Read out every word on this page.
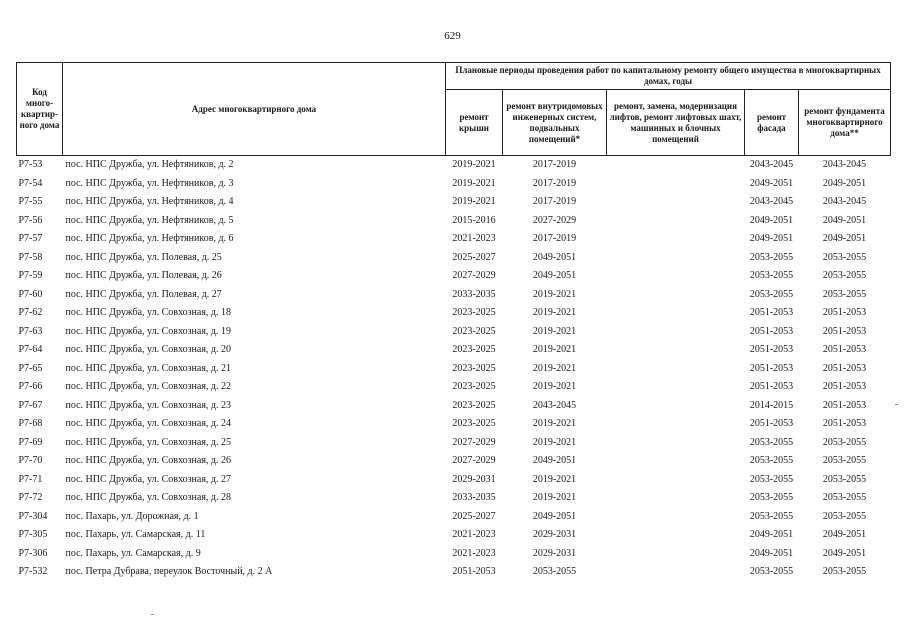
629
Код много-квартир-ного дома	Адрес многоквартирного дома	Плановые периоды проведения работ по капитальному ремонту общего имущества в многоквартирных домах, годы				
		ремонт крыши	ремонт внутридомовых инженерных систем, подвальных помещений*	ремонт, замена, модернизация лифтов, ремонт лифтовых шахт, машинных и блочных помещений	ремонт фасада	ремонт фундамента многоквартирного дома**
Р7-53	пос. НПС Дружба, ул. Нефтяников, д. 2	2019-2021	2017-2019		2043-2045	2043-2045
Р7-54	пос. НПС Дружба, ул. Нефтяников, д. 3	2019-2021	2017-2019		2049-2051	2049-2051
Р7-55	пос. НПС Дружба, ул. Нефтяников, д. 4	2019-2021	2017-2019		2043-2045	2043-2045
Р7-56	пос. НПС Дружба, ул. Нефтяников, д. 5	2015-2016	2027-2029		2049-2051	2049-2051
Р7-57	пос. НПС Дружба, ул. Нефтяников, д. 6	2021-2023	2017-2019		2049-2051	2049-2051
Р7-58	пос. НПС Дружба, ул. Полевая, д. 25	2025-2027	2049-2051		2053-2055	2053-2055
Р7-59	пос. НПС Дружба, ул. Полевая, д. 26	2027-2029	2049-2051		2053-2055	2053-2055
Р7-60	пос. НПС Дружба, ул. Полевая, д. 27	2033-2035	2019-2021		2053-2055	2053-2055
Р7-62	пос. НПС Дружба, ул. Совхозная, д. 18	2023-2025	2019-2021		2051-2053	2051-2053
Р7-63	пос. НПС Дружба, ул. Совхозная, д. 19	2023-2025	2019-2021		2051-2053	2051-2053
Р7-64	пос. НПС Дружба, ул. Совхозная, д. 20	2023-2025	2019-2021		2051-2053	2051-2053
Р7-65	пос. НПС Дружба, ул. Совхозная, д. 21	2023-2025	2019-2021		2051-2053	2051-2053
Р7-66	пос. НПС Дружба, ул. Совхозная, д. 22	2023-2025	2019-2021		2051-2053	2051-2053
Р7-67	пос. НПС Дружба, ул. Совхозная, д. 23	2023-2025	2043-2045		2014-2015	2051-2053
Р7-68	пос. НПС Дружба, ул. Совхозная, д. 24	2023-2025	2019-2021		2051-2053	2051-2053
Р7-69	пос. НПС Дружба, ул. Совхозная, д. 25	2027-2029	2019-2021		2053-2055	2053-2055
Р7-70	пос. НПС Дружба, ул. Совхозная, д. 26	2027-2029	2049-2051		2053-2055	2053-2055
Р7-71	пос. НПС Дружба, ул. Совхозная, д. 27	2029-2031	2019-2021		2053-2055	2053-2055
Р7-72	пос. НПС Дружба, ул. Совхозная, д. 28	2033-2035	2019-2021		2053-2055	2053-2055
Р7-304	пос. Пахарь, ул. Дорожная, д. 1	2025-2027	2049-2051		2053-2055	2053-2055
Р7-305	пос. Пахарь, ул. Самарская, д. 11	2021-2023	2029-2031		2049-2051	2049-2051
Р7-306	пос. Пахарь, ул. Самарская, д. 9	2021-2023	2029-2031		2049-2051	2049-2051
Р7-532	пос. Петра Дубрава, переулок Восточный, д. 2 А	2051-2053	2053-2055		2053-2055	2053-2055
